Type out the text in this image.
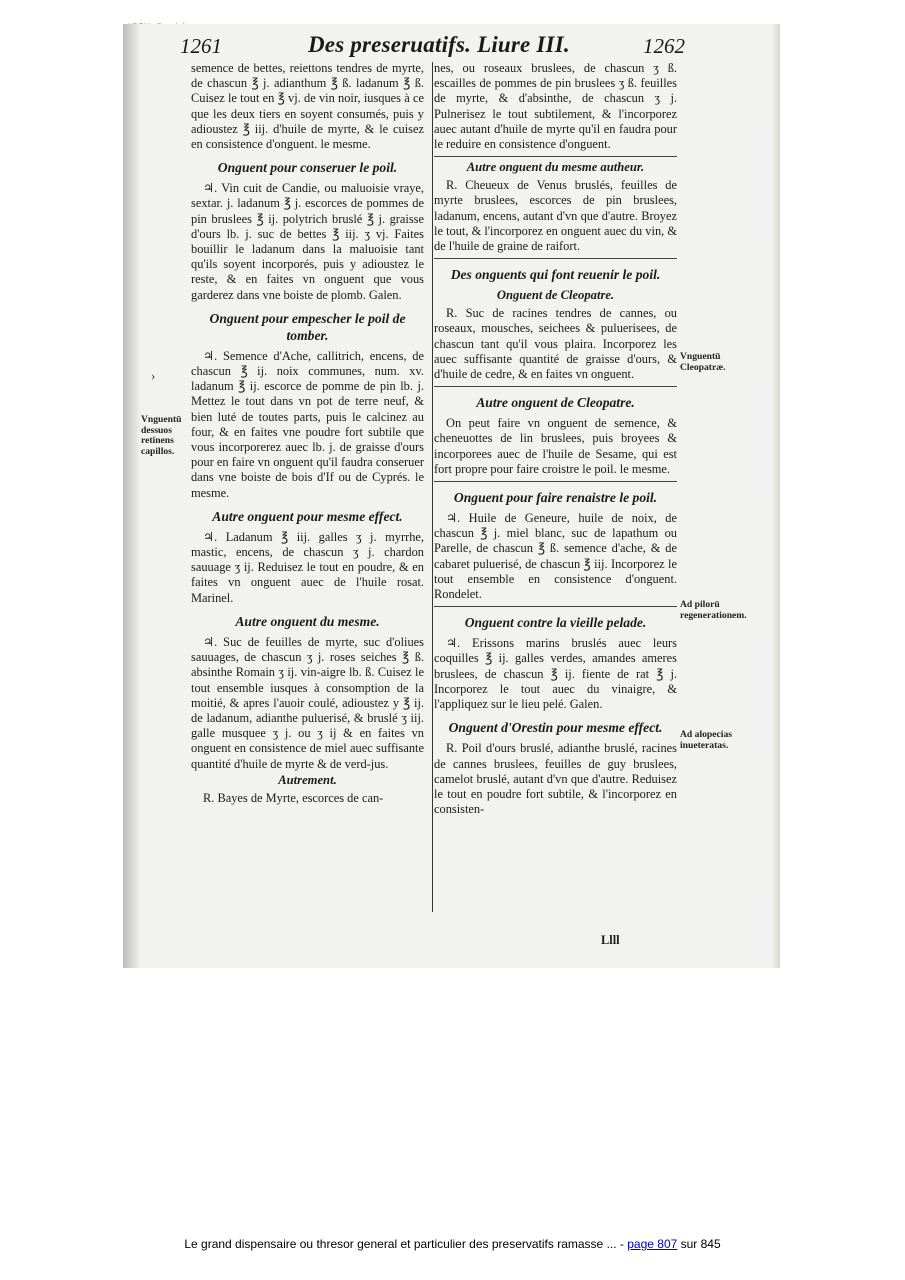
1261	Des preseruatifs. Liure III.	1262
›

semence de bettes, reiettons tendres de myrte, de chascun ℥ j. adianthum ℥ ß. ladanum ℥ ß. Cuisez le tout en ℥ vj. de vin noir, iusques à ce que les deux tiers en soyent consumés, puis y adioustez ℥ iij. d'huile de myrte, & le cuisez en consistence d'onguent. le mesme.

Onguent pour conseruer le poil.

♃. Vin cuit de Candie, ou maluoisie vraye, sextar. j. ladanum ℥ j. escorces de pommes de pin bruslees ℥ ij. polytrich bruslé ℥ j. graisse d'ours lb. j. suc de bettes ℥ iij. ʒ vj. Faites bouillir le ladanum dans la maluoisie tant qu'ils soyent incorporés, puis y adioustez le reste, & en faites vn onguent que vous garderez dans vne boiste de plomb. Galen.

Onguent pour empescher le poil de tomber.

♃. Semence d'Ache, callitrich, encens, de chascun ℥ ij. noix communes, num. xv. ladanum ℥ ij. escorce de pomme de pin lb. j. Mettez le tout dans vn pot de terre neuf, & bien luté de toutes parts, puis le calcinez au four, & en faites vne poudre fort subtile que vous incorporerez auec lb. j. de graisse d'ours pour en faire vn onguent qu'il faudra conseruer dans vne boiste de bois d'If ou de Cyprés. le mesme.

Autre onguent pour mesme effect.

♃. Ladanum ℥ iij. galles ʒ j. myrrhe, mastic, encens, de chascun ʒ j. chardon sauuage ʒ ij. Reduisez le tout en poudre, & en faites vn onguent auec de l'huile rosat. Marinel.

Autre onguent du mesme.

♃. Suc de feuilles de myrte, suc d'oliues sauuages, de chascun ʒ j. roses seiches ℥ ß. absinthe Romain ʒ ij. vin-aigre lb. ß. Cuisez le tout ensemble iusques à consomption de la moitié, & apres l'auoir coulé, adioustez y ℥ ij. de ladanum, adianthe puluerisé, & bruslé ʒ iij. galle musquee ʒ j. ou ʒ ij & en faites vn onguent en consistence de miel auec suffisante quantité d'huile de myrte & de verd-jus.

Autrement.

R. Bayes de Myrte, escorces de can-

nes, ou roseaux bruslees, de chascun ʒ ß. escailles de pommes de pin bruslees ʒ ß. feuilles de myrte, & d'absinthe, de chascun ʒ j. Pulnerisez le tout subtilement, & l'incorporez auec autant d'huile de myrte qu'il en faudra pour le reduire en consistence d'onguent.

Autre onguent du mesme autheur.

R. Cheueux de Venus bruslés, feuilles de myrte bruslees, escorces de pin bruslees, ladanum, encens, autant d'vn que d'autre. Broyez le tout, & l'incorporez en onguent auec du vin, & de l'huile de graine de raifort.

Des onguents qui font reuenir le poil.
Onguent de Cleopatre.

R. Suc de racines tendres de cannes, ou roseaux, mousches, seichees & puluerisees, de chascun tant qu'il vous plaira. Incorporez les auec suffisante quantité de graisse d'ours, & d'huile de cedre, & en faites vn onguent.

Autre onguent de Cleopatre.

On peut faire vn onguent de semence, & cheneuottes de lin bruslees, puis broyees & incorporees auec de l'huile de Sesame, qui est fort propre pour faire croistre le poil. le mesme.

Onguent pour faire renaistre le poil.

♃. Huile de Geneure, huile de noix, de chascun ℥ j. miel blanc, suc de lapathum ou Parelle, de chascun ℥ ß. semence d'ache, & de cabaret puluerisé, de chascun ℥ iij. Incorporez le tout ensemble en consistence d'onguent. Rondelet.

Onguent contre la vieille pelade.

♃. Erissons marins bruslés auec leurs coquilles ℥ ij. galles verdes, amandes ameres bruslees, de chascun ℥ ij. fiente de rat ℥ j. Incorporez le tout auec du vinaigre, & l'appliquez sur le lieu pelé. Galen.

Onguent d'Orestin pour mesme effect.

R. Poil d'ours bruslé, adianthe bruslé, racines de cannes bruslees, feuilles de guy bruslees, camelot bruslé, autant d'vn que d'autre. Reduisez le tout en poudre fort subtile, & l'incorporez en consisten-

Llll
Vnguentū dessuos retinens capillos.
Vnguentū Cleopatræ.
Ad pilorū regenerationem.
Ad alopecias inueteratas.
Le grand dispensaire ou thresor general et particulier des preservatifs ramasse ... - page 807 sur 845
